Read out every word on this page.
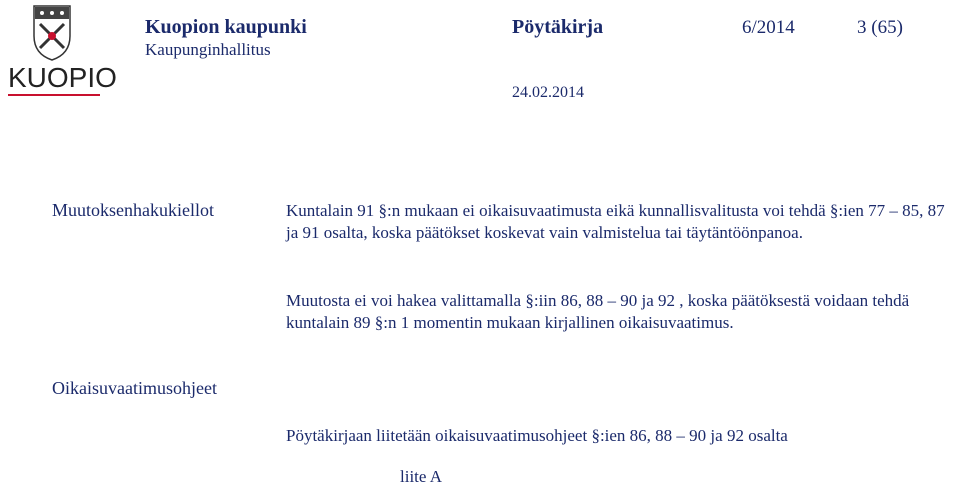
KUOPIO
Kuopion kaupunki
Kaupunginhallitus
Pöytäkirja	6/2014	3 (65)
24.02.2014
Muutoksenhakukiellot	Kuntalain 91 §:n mukaan ei oikaisuvaatimusta eikä kunnallisvalitusta voi tehdä §:ien 77 – 85, 87 ja 91 osalta, koska päätökset koskevat vain valmistelua tai täytäntöönpanoa.
Muutosta ei voi hakea valittamalla §:iin 86, 88 – 90 ja 92 , koska päätöksestä voidaan tehdä kuntalain 89 §:n 1 momentin mukaan kirjallinen oikaisuvaatimus.
Oikaisuvaatimusohjeet
Pöytäkirjaan liitetään oikaisuvaatimusohjeet §:ien 86, 88 – 90 ja 92 osalta
liite A
